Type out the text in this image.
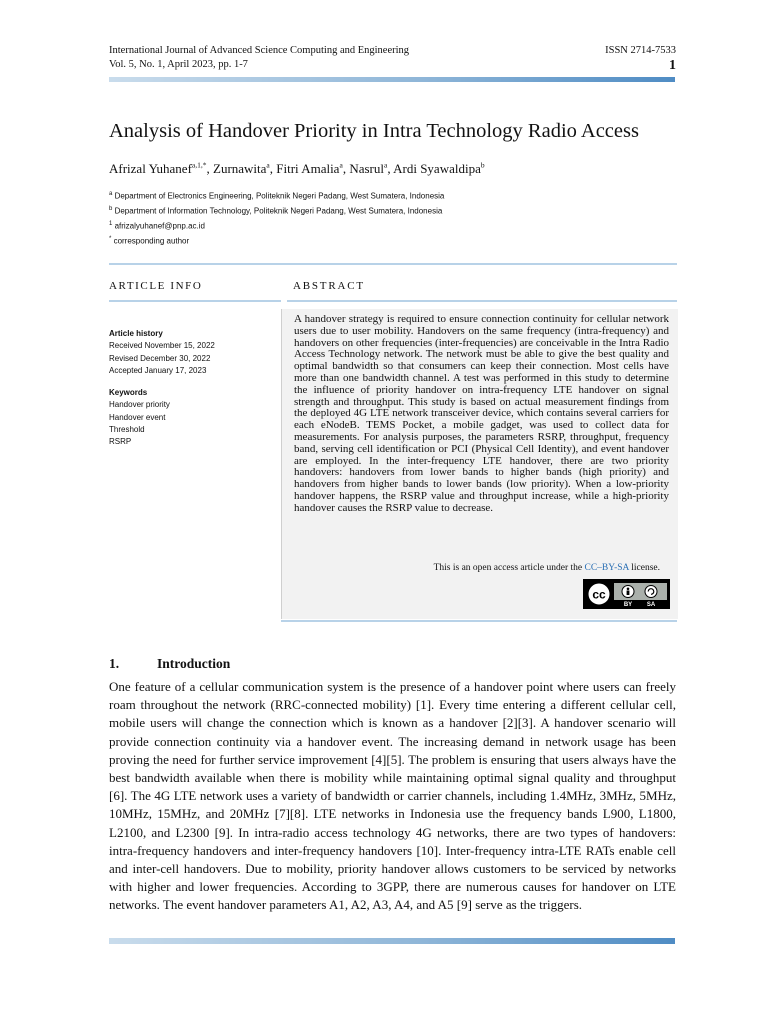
International Journal of Advanced Science Computing and Engineering
Vol. 5, No. 1, April 2023, pp. 1-7
ISSN 2714-7533
1
Analysis of Handover Priority in Intra Technology Radio Access
Afrizal Yuhanef$^{a,1,*}$, Zurnawita$^a$, Fitri Amalia$^a$, Nasrul$^a$, Ardi Syawaldipa$^b$
$^a$ Department of Electronics Engineering, Politeknik Negeri Padang, West Sumatera, Indonesia
$^b$ Department of Information Technology, Politeknik Negeri Padang, West Sumatera, Indonesia
$^1$ afrizalyuhanef@pnp.ac.id
* corresponding author
ARTICLE INFO	ABSTRACT
Article history
Received November 15, 2022
Revised December 30, 2022
Accepted January 17, 2023
Keywords
Handover priority
Handover event
Threshold
RSRP
A handover strategy is required to ensure connection continuity for cellular network users due to user mobility. Handovers on the same frequency (intra-frequency) and handovers on other frequencies (inter-frequencies) are conceivable in the Intra Radio Access Technology network. The network must be able to give the best quality and optimal bandwidth so that consumers can keep their connection. Most cells have more than one bandwidth channel. A test was performed in this study to determine the influence of priority handover on intra-frequency LTE handover on signal strength and throughput. This study is based on actual measurement findings from the deployed 4G LTE network transceiver device, which contains several carriers for each eNodeB. TEMS Pocket, a mobile gadget, was used to collect data for measurements. For analysis purposes, the parameters RSRP, throughput, frequency band, serving cell identification or PCI (Physical Cell Identity), and event handover are employed. In the inter-frequency LTE handover, there are two priority handovers: handovers from lower bands to higher bands (high priority) and handovers from higher bands to lower bands (low priority). When a low-priority handover happens, the RSRP value and throughput increase, while a high-priority handover causes the RSRP value to decrease.
This is an open access article under the CC–BY-SA license.
cc
BY SA
1.	Introduction
One feature of a cellular communication system is the presence of a handover point where users can freely roam throughout the network (RRC-connected mobility) [1]. Every time entering a different cellular cell, mobile users will change the connection which is known as a handover [2][3]. A handover scenario will provide connection continuity via a handover event. The increasing demand in network usage has been proving the need for further service improvement [4][5]. The problem is ensuring that users always have the best bandwidth available when there is mobility while maintaining optimal signal quality and throughput [6]. The 4G LTE network uses a variety of bandwidth or carrier channels, including 1.4MHz, 3MHz, 5MHz, 10MHz, 15MHz, and 20MHz [7][8]. LTE networks in Indonesia use the frequency bands L900, L1800, L2100, and L2300 [9]. In intra-radio access technology 4G networks, there are two types of handovers: intra-frequency handovers and inter-frequency handovers [10]. Inter-frequency intra-LTE RATs enable cell and inter-cell handovers. Due to mobility, priority handover allows customers to be serviced by networks with higher and lower frequencies. According to 3GPP, there are numerous causes for handover on LTE networks. The event handover parameters A1, A2, A3, A4, and A5 [9] serve as the triggers.
